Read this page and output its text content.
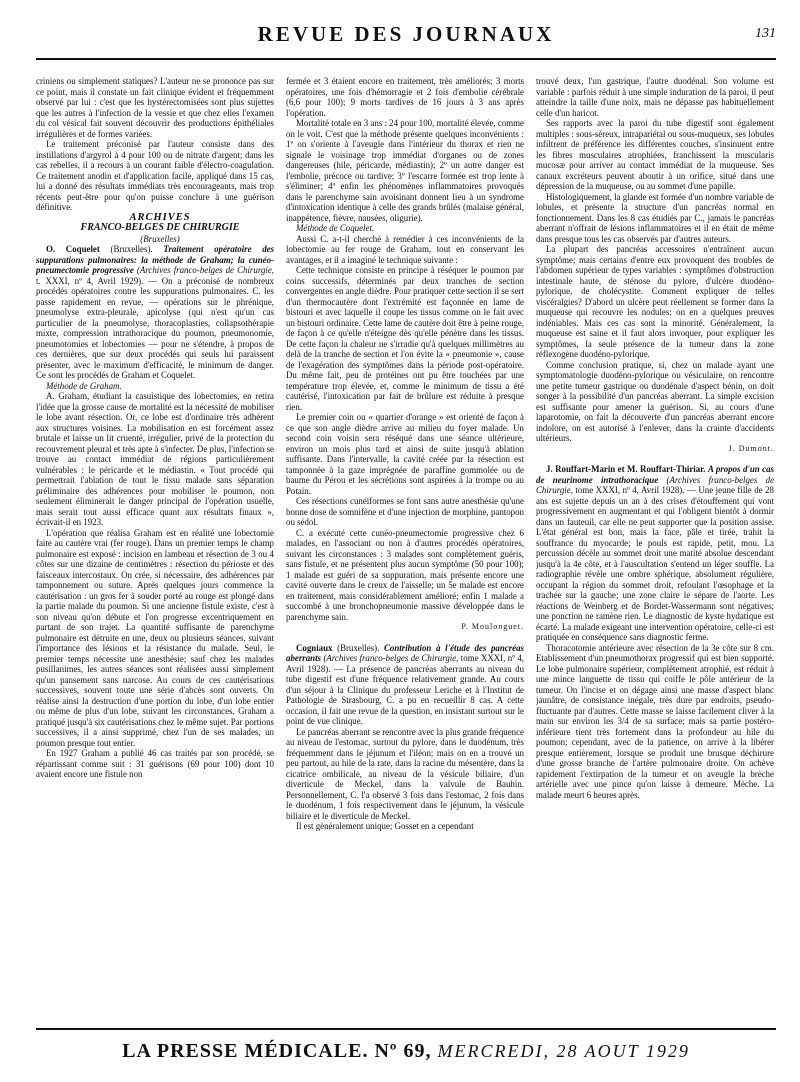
REVUE DES JOURNAUX	131

criniens ou simplement statiques? L'auteur ne se prononce pas sur ce point, mais il constate un fait clinique évident et fréquemment observé par lui : c'est que les hystérectomisées sont plus sujettes que les autres à l'infection de la vessie et que chez elles l'examen du col vésical fait souvent découvrir des productions épithéliales irrégulières et de formes variées.

Le traitement préconisé par l'auteur consiste dans des instillations d'argyrol à 4 pour 100 ou de nitrate d'argent; dans les cas rebelles, il a recours à un courant faible d'électro-coagulation. Ce traitement anodin et d'application facile, appliqué dans 15 cas, lui a donné des résultats immédiats très encourageants, mais trop récents peut-être pour qu'on puisse conclure à une guérison définitive.

ARCHIVES

FRANCO-BELGES DE CHIRURGIE

(Bruxelles)

O. Coquelet (Bruxelles). Traitement opératoire des suppurations pulmonaires: la méthode de Graham; la cunéo-pneumectomie progressive (Archives franco-belges de Chirurgie, t. XXXI, nº 4, Avril 1929). — On a préconisé de nombreux procédés opératoires contre les suppurations pulmonaires. C. les passe rapidement en revue, — opérations sur le phrénique, pneumolyse extra-pleurale, apicolyse (qui n'est qu'un cas particulier de la pneumolyse, thoracoplasties, collapsothérapie mixte, compression intrathoracique du poumon, pneumonomie, pneumotomies et lobectomies — pour ne s'étendre, à propos de ces dernières, que sur deux procédés qui seuls lui paraissent présenter, avec le maximum d'efficacité, le minimum de danger. Ce sont les procédés de Graham et Coquelet.

Méthode de Graham.

A. Graham, étudiant la casuistique des lobectomies, en retira l'idée que la grosse cause de mortalité est la nécessité de mobiliser le lobe avant résection. Or, ce lobe est d'ordinaire très adhérent aux structures voisines. La mobilisation en est forcément assez brutale et laisse un lit cruenté, irrégulier, privé de la protection du recouvrement pleural et très apte à s'infecter. De plus, l'infection se trouve au contact immédiat de régions particulièrement vulnérables : le péricarde et le médiastin. « Tout procédé qui permettrait l'ablation de tout le tissu malade sans séparation préliminaire des adhérences pour mobiliser le poumon, non seulement éliminerait le danger principal de l'opération usuelle, mais serait tout aussi efficace quant aux résultats finaux », écrivait-il en 1923.

L'opération que réalisa Graham est en réalité une lobectomie faite au cautère vrai (fer rouge). Dans un premier temps le champ pulmonaire est exposé : incision en lambeau et résection de 3 ou 4 côtes sur une dizaine de centimètres : résection du périoste et des faisceaux intercostaux. On crée, si nécessaire, des adhérences par tamponnement ou suture. Après quelques jours commence la cautérisation : un gros fer à souder porté au rouge est plongé dans la partie malade du poumon. Si une ancienne fistule existe, c'est à son niveau qu'on débute et l'on progresse excentriquement en partant de son trajet. La quantité suffisante de parenchyme pulmonaire est détruite en une, deux ou plusieurs séances, suivant l'importance des lésions et la résistance du malade. Seul, le premier temps nécessite une anesthésie; sauf chez les malades pusillanimes, les autres séances sont réalisées aussi simplement qu'un pansement sans narcose. Au cours de ces cautérisations successives, souvent toute une série d'abcès sont ouverts. On réalise ainsi la destruction d'une portion du lobe, d'un lobe entier ou même de plus d'un lobe, suivant les circonstances. Graham a pratiqué jusqu'à six cautérisations chez le même sujet. Par portions successives, il a ainsi supprimé, chez l'un de ses malades, un poumon presque tout entier.

En 1927 Graham a publié 46 cas traités par son procédé, se répartissant comme suit : 31 guérisons (69 pour 100) dont 10 avaient encore une fistule non

fermée et 3 étaient encore en traitement, très améliorés; 3 morts opératoires, une fois d'hémorragie et 2 fois d'embolie cérébrale (6,6 pour 100); 9 morts tardives de 16 jours à 3 ans après l'opération.

Mortalité totale en 3 ans : 24 pour 100, mortalité élevée, comme on le voit. C'est que la méthode présente quelques inconvénients : 1º on s'oriente à l'aveugle dans l'intérieur du thorax et rien ne signale le voisinage trop immédiat d'organes ou de zones dangereuses (hile, péricarde, médiastin); 2º un autre danger est l'embolie, précoce ou tardive; 3º l'escarre formée est trop lente à s'éliminer; 4º enfin les phénomènes inflammatoires provoqués dans le parenchyme sain avoisinant donnent lieu à un syndrome d'intoxication identique à celle des grands brûlés (malaise général, inappétence, fièvre, nausées, oligurie).

Méthode de Coquelet.

Aussi C. a-t-il cherché à remédier à ces inconvénients de la lobectomie au fer rouge de Graham, tout en conservant les avantages, et il a imaginé le technique suivante :

Cette technique consiste en principe à réséquer le poumon par coins successifs, déterminés par deux tranches de section convergentes en angle dièdre. Pour pratiquer cette section il se sert d'un thermocautère dont l'extrémité est façonnée en lame de bistouri et avec laquelle il coupe les tissus comme on le fait avec un bistouri ordinaire. Cette lame de cautère doit être à peine rouge, de façon à ce qu'elle n'éteigne dès qu'elle pénètre dans les tissus. De cette façon la chaleur ne s'irradie qu'à quelques millimètres au delà de la tranche de section et l'on évite la « pneumonie », cause de l'exagération des symptômes dans la période post-opératoire. Du même fait, peu de protéines ont pu être touchées par une température trop élevée, et, comme le minimum de tissu a été cautérisé, l'intoxication par fait de brûlure est réduite à presque rien.

Le premier coin ou « quartier d'orange » est orienté de façon à ce que son angle dièdre arrive au milieu du foyer malade. Un second coin voisin sera réséqué dans une séance ultérieure, environ un mois plus tard et ainsi de suite jusqu'à ablation suffisante. Dans l'intervalle, la cavité créée par la résection est tamponnée à la gaze imprégnée de paraffine gommolée ou de baume du Pérou et les sécrétions sont aspirées à la trompe ou au Potain.

Ces résections cunéiformes se font sans autre anesthésie qu'une bonne dose de somnifène et d'une injection de morphine, pantopon ou sédol.

C. a exécuté cette cunéo-pneumectomie progressive chez 6 malades, en l'associant ou non à d'autres procédés opératoires, suivant les circonstances : 3 malades sont complètement guéris, sans fistule, et ne présentent plus aucun symptôme (50 pour 100); 1 malade est guéri de sa suppuration, mais présente encore une cavité ouverte dans le creux de l'aisselle; un 5e malade est encore en traitement, mais considérablement amélioré; enfin 1 malade a succombé à une bronchopneumonie massive développée dans le parenchyme sain.

P. Moulonguet.

Cogniaux (Bruxelles). Contribution à l'étude des pancréas aberrants (Archives franco-belges de Chirurgie, tome XXXI, nº 4, Avril 1928). — La présence de pancréas aberrants au niveau du tube digestif est d'une fréquence relativement grande. Au cours d'un séjour à la Clinique du professeur Leriche et à l'Institut de Pathologie de Strasbourg, C. a pu en recueillir 8 cas. A cette occasion, il fait une revue de la question, en insistant surtout sur le point de vue clinique.

Le pancréas aberrant se rencontre avec la plus grande fréquence au niveau de l'estomac, surtout du pylore, dans le duodénum, très fréquemment dans le jéjunum et l'iléon; mais on en a trouvé un peu partout, au hile de la rate, dans la racine du mésentère, dans la cicatrice ombilicale, au niveau de la vésicule biliaire, d'un diverticule de Meckel, dans la valvule de Bauhin. Personnellement, C. l'a observé 3 fois dans l'estomac, 2 fois dans le duodénum, 1 fois respectivement dans le jéjunum, la vésicule biliaire et le diverticule de Meckel.

Il est généralement unique; Gosset en a cependant

trouvé deux, l'un gastrique, l'autre duodénal. Son volume est variable : parfois réduit à une simple induration de la paroi, il peut atteindre la taille d'une noix, mais ne dépasse pas habituellement celle d'un haricot.

Ses rapports avec la paroi du tube digestif sont également multiples : sous-séreux, intrapariétal ou sous-muqueux, ses lobules infiltrent de préférence les différentes couches, s'insinuent entre les fibres musculaires atrophiées, franchissent la muscularis mucosæ pour arriver au contact immédiat de la muqueuse. Ses canaux excréteurs peuvent aboutir à un orifice, situé dans une dépression de la muqueuse, ou au sommet d'une papille.

Histologiquement, la glande est formée d'un nombre variable de lobules, et présente la structure d'un pancréas normal en fonctionnement. Dans les 8 cas étudiés par C., jamais le pancréas aberrant n'offrait de lésions inflammatoires et il en était de même dans presque tous les cas observés par d'autres auteurs.

La plupart des pancréas accessoires n'entraînent aucun symptôme; mais certains d'entre eux provoquent des troubles de l'abdomen supérieur de types variables : symptômes d'obstruction intestinale haute, de sténose du pylore, d'ulcère duodéno-pylorique, de cholécystite. Comment expliquer de telles viscéralgies? D'abord un ulcère peut réellement se former dans la muqueuse qui recouvre les nodules; on en a quelques preuves indéniables. Mais ces cas sont la minorité. Généralement, la muqueuse est saine et il faut alors invoquer, pour expliquer les symptômes, la seule présence de la tumeur dans la zone réflexogène duodéno-pylorique.

Comme conclusion pratique, si, chez un malade ayant une symptomatologie duodéno-pylorique ou vésiculaire, on rencontre une petite tumeur gastrique ou duodénale d'aspect bénin, on doit songer à la possibilité d'un pancréas aberrant. La simple excision est suffisante pour amener la guérison. Si, au cours d'une laparotomie, on fait la découverte d'un pancréas aberrant encore indolore, on est autorisé à l'enlever, dans la crainte d'accidents ultérieurs.

J. Dumont.

J. Rouffart-Marin et M. Rouffart-Thiriar. A propos d'un cas de neurinome intrathoracique (Archives franco-belges de Chirurgie, tome XXXI, nº 4, Avril 1928). — Une jeune fille de 28 ans est sujette depuis un an à des crises d'étouffement qui vont progressivement en augmentant et qui l'obligent bientôt à dormir dans un fauteuil, car elle ne peut supporter que la position assise. L'état général est bon, mais la face, pâle et tirée, trahit la souffrance du myocarde; le pouls est rapide, petit, mou. La percussion décèle au sommet droit une matité absolue descendant jusqu'à la 4e côte, et à l'auscultation s'entend un léger souffle. La radiographie révèle une ombre sphérique, absolument régulière, occupant la région du sommet droit, refoulant l'œsophage et la trachée sur la gauche; une zone claire le sépare de l'aorte. Les réactions de Weinberg et de Bordet-Wassermann sont négatives; une ponction ne ramène rien. Le diagnostic de kyste hydatique est écarté. La malade exigeant une intervention opératoire, celle-ci est pratiquée en conséquence sans diagnostic ferme.

Thoracotomie antérieure avec résection de la 3e côte sur 8 cm. Etablissement d'un pneumothorax progressif qui est bien supporté. Le lobe pulmonaire supérieur, complètement atrophié, est réduit à une mince languette de tissu qui coiffe le pôle antérieur de la tumeur. On l'incise et on dégage ainsi une masse d'aspect blanc jaunâtre, de consistance inégale, très dure par endroits, pseudo-fluctuante par d'autres. Cette masse se laisse facilement cliver à la main sur environ les 3/4 de sa surface; mais sa partie postéro-inférieure tient très fortement dans la profondeur au hile du poumon; cependant, avec de la patience, on arrive à la libérer presque entièrement, lorsque se produit une brusque déchirure d'une grosse branche de l'artère pulmonaire droite. On achève rapidement l'extirpation de la tumeur et on aveugle la brèche artérielle avec une pince qu'on laisse à demeure. Mèche. La malade meurt 6 heures après.

LA PRESSE MÉDICALE. Nº 69, MERCREDI, 28 AOUT 1929
